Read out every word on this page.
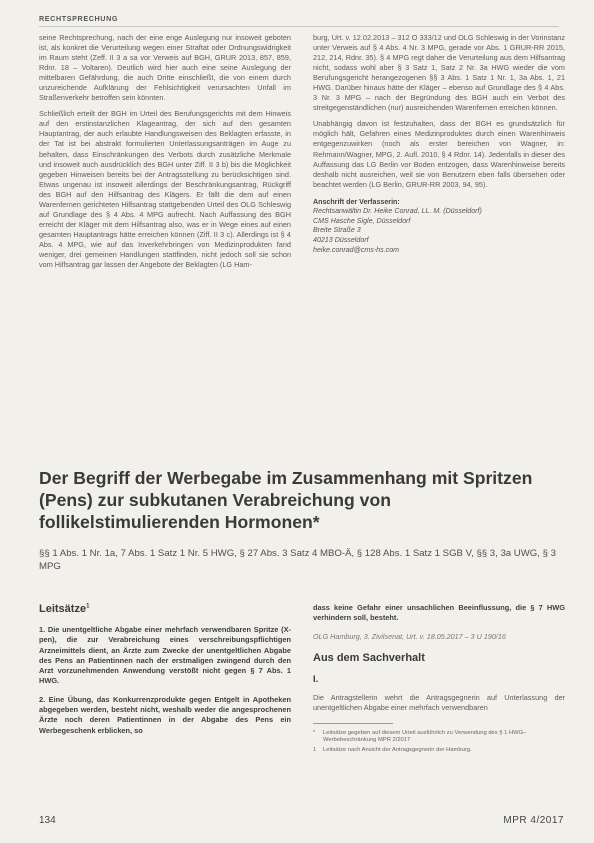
RECHTSPRECHUNG

seine Rechtsprechung, nach der eine enge Auslegung nur insoweit geboten ist, als konkret die Verurteilung wegen einer Straftat oder Ordnungswidrigkeit im Raum steht (Zeff. II 3 a sa vor Verweis auf BGH, GRUR 2013, 857, 859, Rdnr. 18 – Voltaren). Deutlich wird hier auch eine seine Auslegung der mittelbaren Gefährdung, die auch Dritte einschließt, die von einem durch unzureichende Aufklärung der Fehlsichtigkeit verursachten Unfall im Straßenverkehr betroffen sein könnten.

Schließlich erteilt der BGH im Urteil des Berufungsgerichts mit dem Hinweis auf den erstinstanzlichen Klageantrag, der sich auf den gesamten Hauptantrag, der auch erlaubte Handlungsweisen des Beklagten erfasste, in der Tat ist bei abstrakt formulierten Unterlassungsanträgen im Auge zu behalten, dass Einschränkungen des Verbots durch zusätzliche Merkmale und insoweit auch ausdrücklich des BGH unter Ziff. II 3 b) bis die Möglichkeit gegeben Hinweisen bereits bei der Antragsstellung zu berücksichtigen sind. Etwas ungenau ist insoweit allerdings der Beschränkungsantrag, Rückgriff des BGH auf den Hilfsantrag des Klägers. Er fällt die dem auf einen Warenfernen gerichteten Hilfsantrag stattgebenden Urteil des OLG Schleswig auf Grundlage des § 4 Abs. 4 MPG aufrecht. Nach Auffassung des BGH erreicht der Kläger mit dem Hilfsantrag also, was er in Wege eines auf einen gesamten Hauptantrags hätte erreichen können (Ziff. II 3 c). Allerdings ist § 4 Abs. 4 MPG, wie auf das Inverkehrbringen von Medizinprodukten fand weniger, drei gemeinen Handlungen stattfinden, nicht jedoch soll sie schon vom Hilfsantrag gar lassen der Angebote der Beklagten (LG Ham-

burg, Urt. v. 12.02.2013 – 312 O 333/12 und OLG Schleswig in der Vorinstanz unter Verweis auf § 4 Abs. 4 Nr. 3 MPG, gerade vor Abs. 1 GRUR-RR 2015, 212, 214, Rdnr. 35). § 4 MPG regt daher die Verurteilung aus dem Hilfsantrag nicht, sodass wohl aber § 3 Satz 1, Satz 2 Nr. 3a HWG wieder die vom Berufungsgericht herangezogenen §§ 3 Abs. 1 Satz 1 Nr. 1, 3a Abs. 1, 21 HWG. Darüber hinaus hätte der Kläger – ebenso auf Grundlage des § 4 Abs. 3 Nr. 3 MPG – nach der Begründung des BGH auch ein Verbot des streitgegenständlichen (nur) ausreichenden Warenfernen erreichen können.

Unabhängig davon ist festzuhalten, dass der BGH es grundsätzlich für möglich hält, Gefahren eines Medizinproduktes durch einen Warenhinweis entgegenzuwirken (noch als erster bereichen von Wagner, in: Rehmann/Wagner, MPG, 2. Aufl. 2010, § 4 Rdnr. 14). Jedenfalls in dieser des Auffassung das LG Berlin vor Boden entzogen, dass Warenhinweise bereits deshalb nicht ausreichen, weil sie von Benutzern eben falls übersehen oder beachtet werden (LG Berlin, GRUR-RR 2003, 94, 95).

Anschrift der Verfasserin:
Rechtsanwältin Dr. Heike Conrad, LL. M. (Düsseldorf)
CMS Hasche Sigle, Düsseldorf
Breite Straße 3
40213 Düsseldorf
heike.conrad@cms-hs.com
Der Begriff der Werbegabe im Zusammenhang mit Spritzen (Pens) zur subkutanen Verabreichung von follikelstimulierenden Hormonen*
§§ 1 Abs. 1 Nr. 1a, 7 Abs. 1 Satz 1 Nr. 5 HWG, § 27 Abs. 3 Satz 4 MBO-Ä, § 128 Abs. 1 Satz 1 SGB V, §§ 3, 3a UWG, § 3 MPG
Leitsätze$^1$

1. Die unentgeltliche Abgabe einer mehrfach verwendbaren Spritze (X-pen), die zur Verabreichung eines verschreibungspflichtigen Arzneimittels dient, an Ärzte zum Zwecke der unentgeltlichen Abgabe des Pens an Patientinnen nach der erstmaligen zwingend durch den Arzt vorzunehmenden Anwendung verstößt nicht gegen § 7 Abs. 1 HWG.

2. Eine Übung, das Konkurrenzprodukte gegen Entgelt in Apotheken abgegeben werden, besteht nicht, weshalb weder die angesprochenen Ärzte noch deren Patientinnen in der Abgabe des Pens ein Werbegeschenk erblicken, so

dass keine Gefahr einer unsachlichen Beeinflussung, die § 7 HWG verhindern soll, besteht.

OLG Hamburg, 3. Zivilsenat, Urt. v. 18.05.2017 – 3 U 190/16
Aus dem Sachverhalt
I.
Die Antragstellerin wehrt die Antragsgegnerin auf Unterlassung der unentgeltlichen Abgabe einer mehrfach verwendbaren
*	Leitsätze gegeben auf diesem Urteil ausführlich zu Verwendung des § 1 HWG–Werbebeschränkung MPR 2/2017
1	Leitsätze nach Ansicht der Antragsgegnerin der Hamburg.
134	MPR 4/2017
